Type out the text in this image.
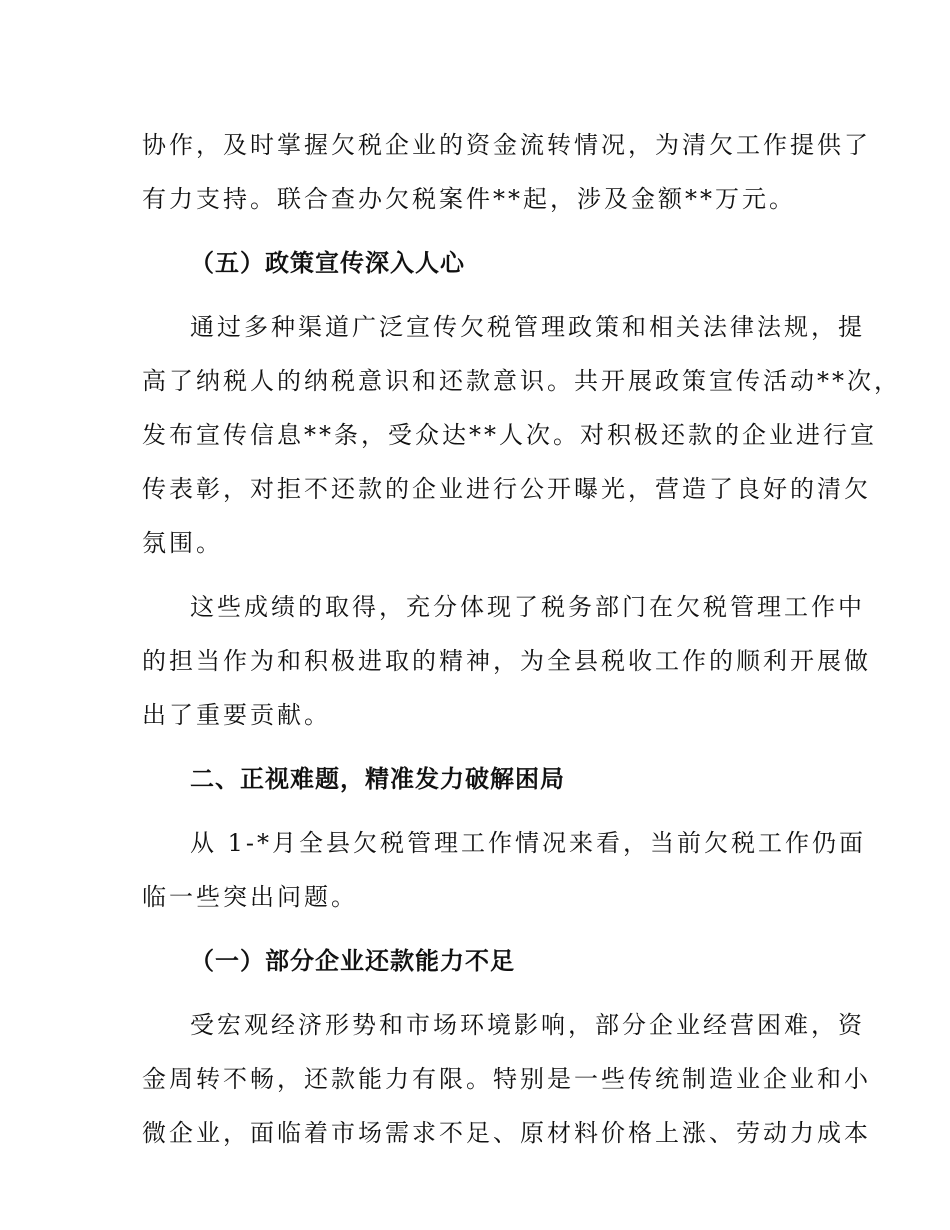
协作，及时掌握欠税企业的资金流转情况，为清欠工作提供了

有力支持。联合查办欠税案件**起，涉及金额**万元。

（五）政策宣传深入人心

通过多种渠道广泛宣传欠税管理政策和相关法律法规，提

高了纳税人的纳税意识和还款意识。共开展政策宣传活动**次，

发布宣传信息**条，受众达**人次。对积极还款的企业进行宣

传表彰，对拒不还款的企业进行公开曝光，营造了良好的清欠

氛围。

这些成绩的取得，充分体现了税务部门在欠税管理工作中

的担当作为和积极进取的精神，为全县税收工作的顺利开展做

出了重要贡献。

二、正视难题，精准发力破解困局

从 1-*月全县欠税管理工作情况来看，当前欠税工作仍面

临一些突出问题。

（一）部分企业还款能力不足

受宏观经济形势和市场环境影响，部分企业经营困难，资

金周转不畅，还款能力有限。特别是一些传统制造业企业和小

微企业，面临着市场需求不足、原材料价格上涨、劳动力成本
